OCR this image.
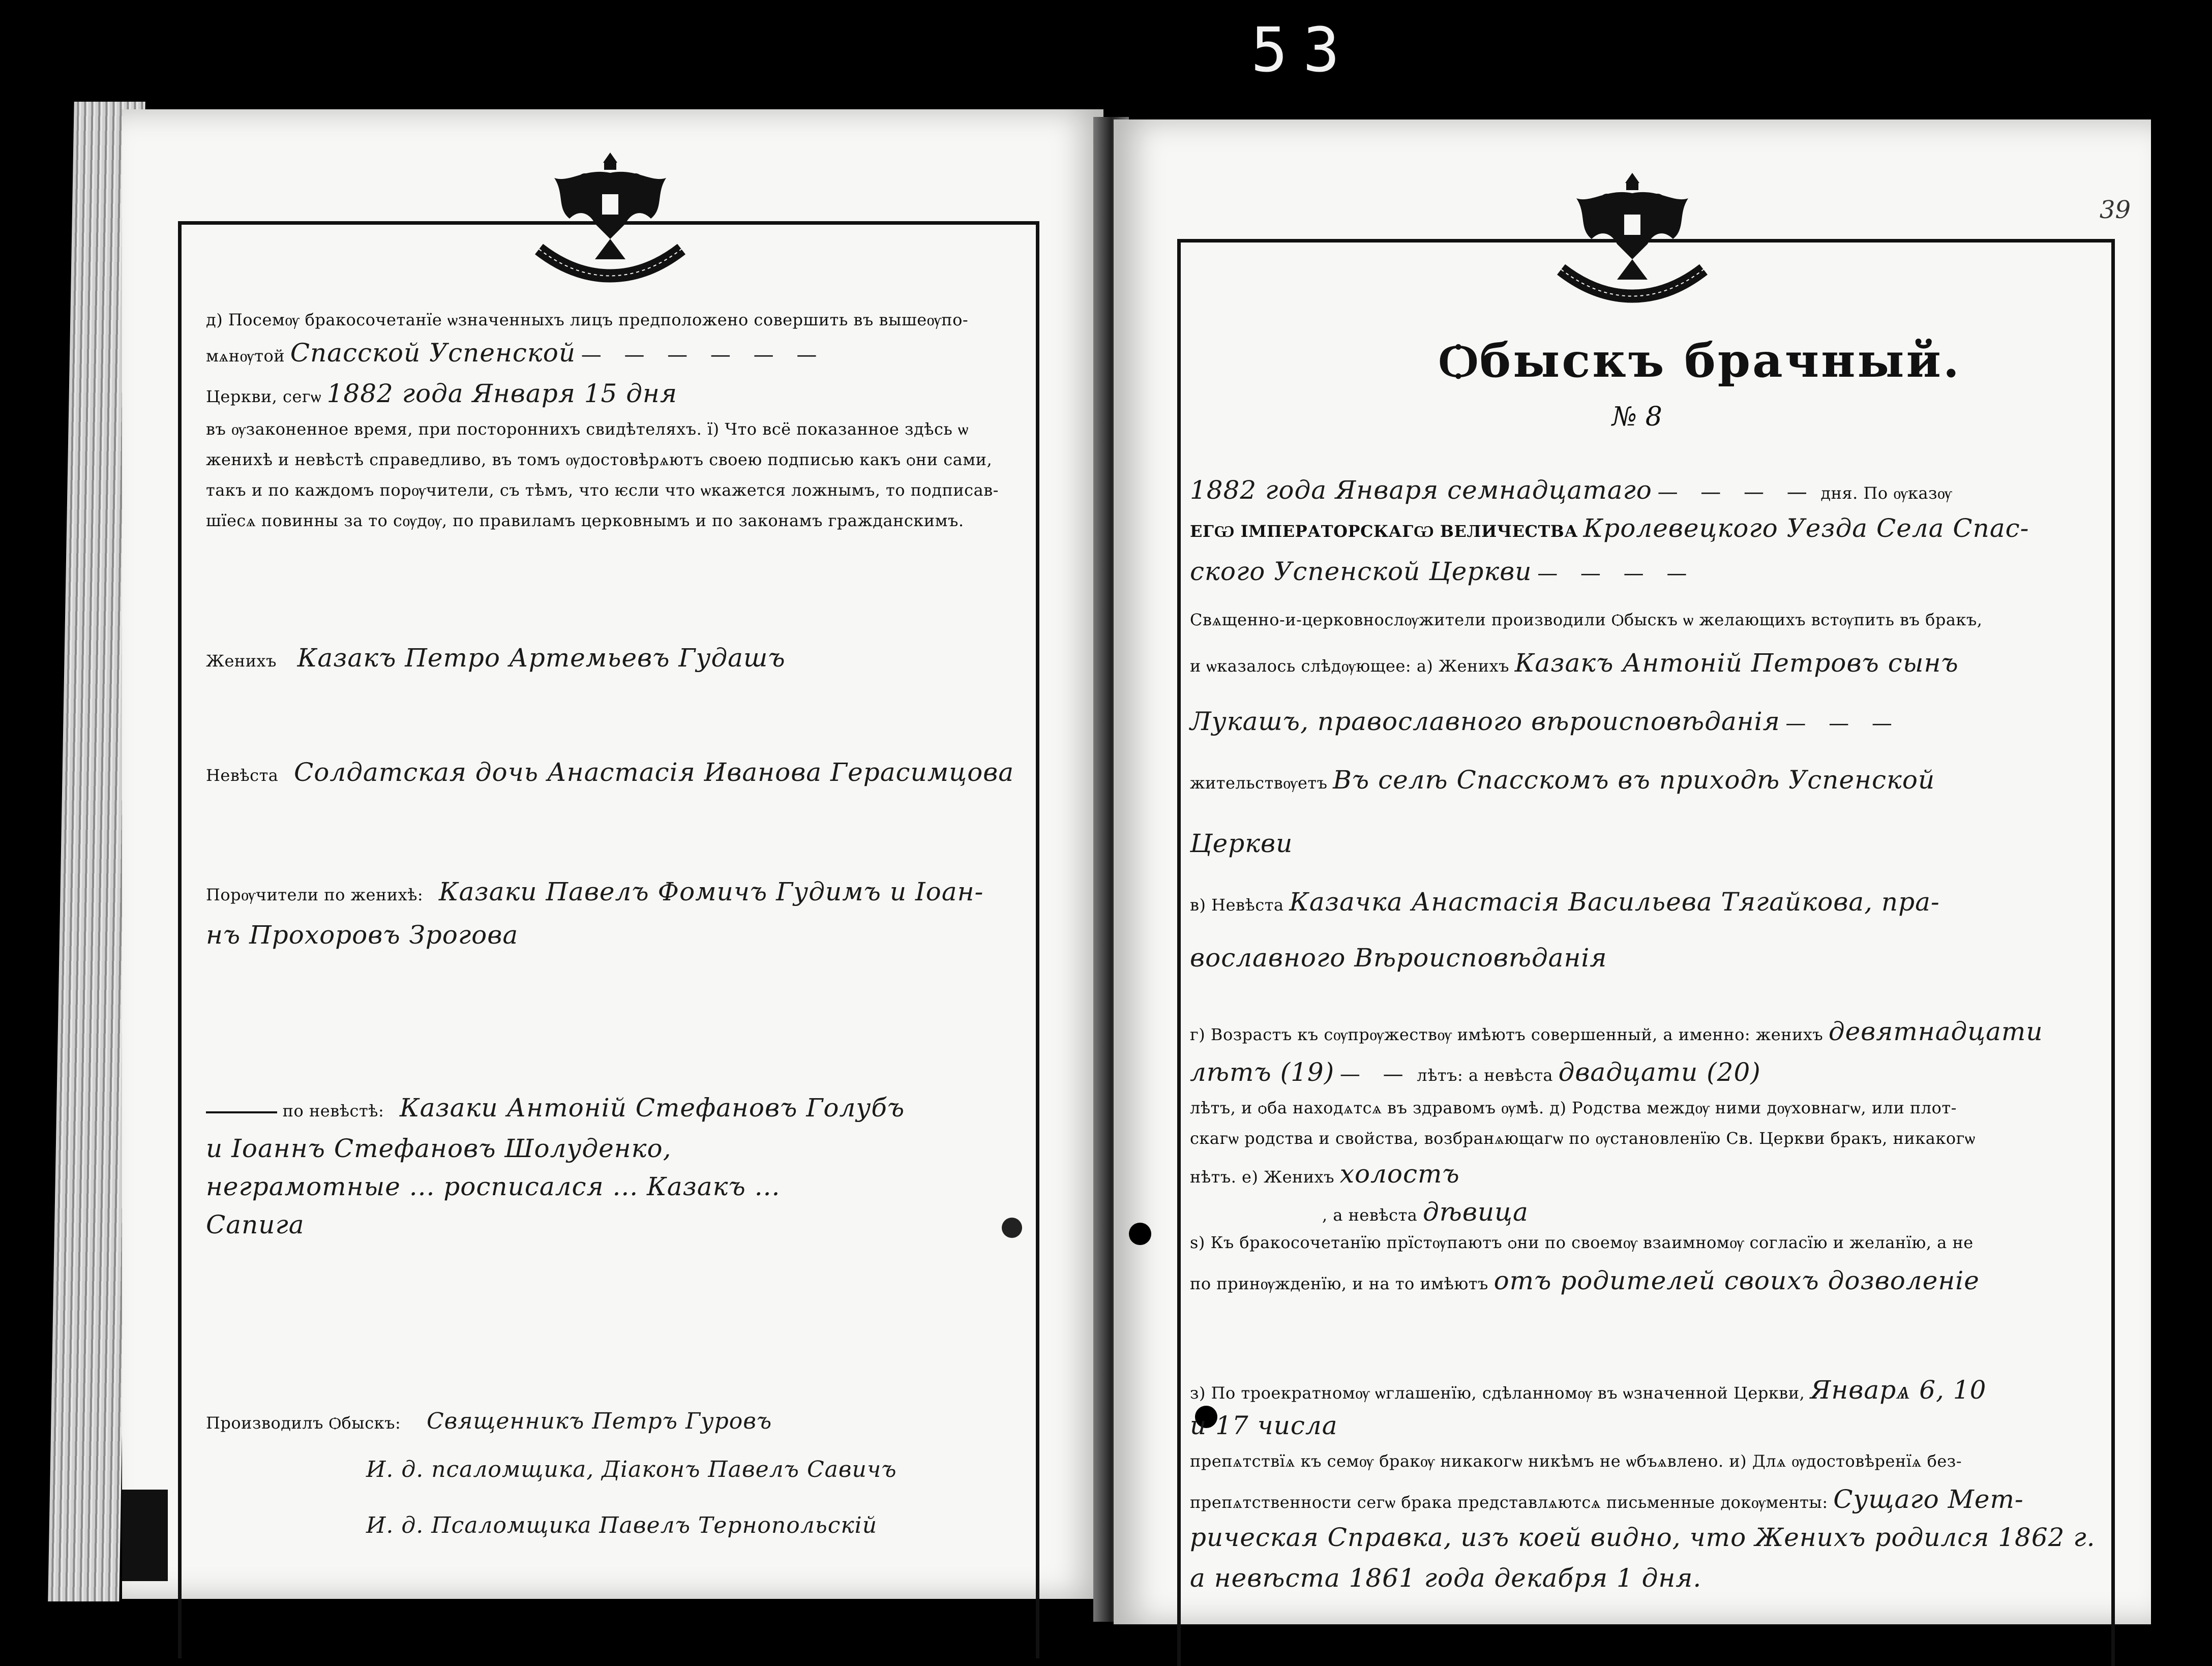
53
д) Посемѹ бракосочетанїе ѡзначенныхъ лицъ предположено совершить въ вышеѹпо-
мѧнѹтой Спасской Успенской — — — — — —
Церкви, сегѡ 1882 года Января 15 дня
въ ѹзаконенное время, при постороннихъ свидѣтеляхъ. ї) Что всё показанное здѣсь ѡ
женихѣ и невѣстѣ справедливо, въ томъ ѹдостовѣрѧютъ своею подписью какъ ѻни сами,
такъ и по каждомъ порѹчители, съ тѣмъ, что ѥсли что ѡкажется ложнымъ, то подписав-
шїесѧ повинны за то сѹдѹ, по правиламъ церковнымъ и по законамъ гражданскимъ.
Женихъ Казакъ Петро Артемьевъ Гудашъ
Невѣста Солдатская дочь Анастасія Иванова Герасимцова
Порѹчители по женихѣ: Казаки Павелъ Фомичъ Гудимъ и Іоан-
нъ Прохоровъ Зрогова
по невѣстѣ: Казаки Антоній Стефановъ Голубъ
и Іоаннъ Стефановъ Шолуденко,
неграмотные ... росписался ... Казакъ ...
Сапига
Производилъ Ѻбыскъ: Священникъ Петръ Гуровъ
И. д. псаломщика, Діаконъ Павелъ Савичъ
И. д. Псаломщика Павелъ Тернопольскій
39
Ѻбыскъ брачный.
№ 8
1882 года Января семнадцатаго — — — — дня. По ѹказѹ
ЕГѠ ІМПЕРАТОРСКАГѠ ВЕЛИЧЕСТВА Кролевецкого Уезда Села Спас-
ского Успенской Церкви — — — —
Свѧщенно-и-церковнослѹжители производили Ѻбыскъ ѡ желающихъ встѹпить въ бракъ,
и ѡказалось слѣдѹющее: а) Женихъ Казакъ Антоній Петровъ сынъ
Лукашъ, православного вѣроисповѣданія — — —
жительствѹетъ Въ селѣ Спасскомъ въ приходѣ Успенской
Церкви
в) Невѣста Казачка Анастасія Васильева Тягайкова, пра-
вославного Вѣроисповѣданія
г) Возрастъ къ сѹпрѹжествѹ имѣютъ совершенный, а именно: женихъ девятнадцати
лѣтъ (19) — — лѣтъ: а невѣста двадцати (20)
лѣтъ, и ѻба находѧтсѧ въ здравомъ ѹмѣ. д) Родства междѹ ними дѹховнагѡ, или плот-
скагѡ родства и свойства, возбранѧющагѡ по ѹстановленїю Св. Церкви бракъ, никакогѡ
нѣтъ. е) Женихъ холостъ
, а невѣста дѣвица
ѕ) Къ бракосочетанїю прїстѹпаютъ ѻни по своемѹ взаимномѹ согласїю и желанїю, а не
по принѹжденїю, и на то имѣютъ отъ родителей своихъ дозволеніе
з) По троекратномѹ ѡглашенїю, сдѣланномѹ въ ѡзначенной Церкви, Январѧ 6, 10
и 17 числа
препѧтствїѧ къ семѹ бракѹ никакогѡ никѣмъ не ѡбъѧвлено. и) Длѧ ѹдостовѣренїѧ без-
препѧтственности сегѡ брака представлѧютсѧ письменные докѹменты: Сущаго Мет-
рическая Справка, изъ коей видно, что Женихъ родился 1862 г.
а невѣста 1861 года декабря 1 дня.
